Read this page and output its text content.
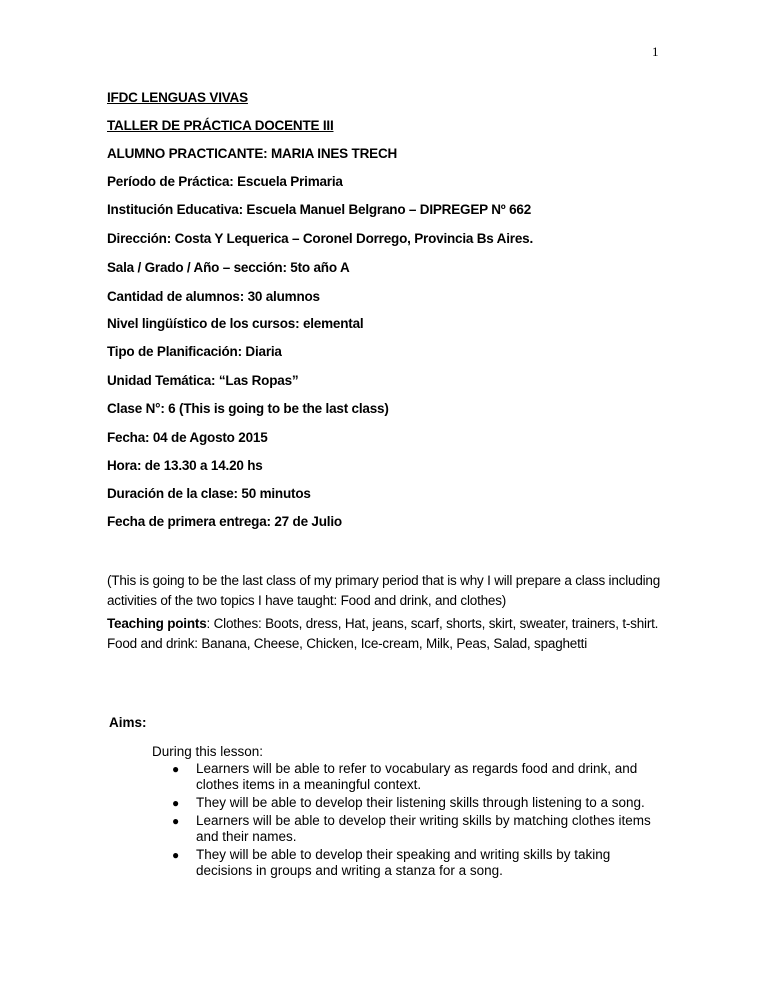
1
IFDC LENGUAS VIVAS
TALLER DE PRÁCTICA DOCENTE III
ALUMNO PRACTICANTE: MARIA INES TRECH
Período de Práctica: Escuela Primaria
Institución Educativa: Escuela Manuel Belgrano – DIPREGEP Nº 662
Dirección: Costa Y Lequerica – Coronel Dorrego, Provincia Bs Aires.
Sala / Grado / Año – sección: 5to año A
Cantidad de alumnos: 30 alumnos
Nivel lingüístico de los cursos: elemental
Tipo de Planificación: Diaria
Unidad Temática: “Las Ropas”
Clase N°: 6 (This is going to be the last class)
Fecha: 04 de Agosto 2015
Hora: de 13.30 a 14.20 hs
Duración de la clase: 50 minutos
Fecha de primera entrega: 27 de Julio
(This is going to be the last class of my primary period that is why I will prepare a class including activities of the two topics I have taught: Food and drink, and clothes)
Teaching points: Clothes: Boots, dress, Hat, jeans, scarf, shorts, skirt, sweater, trainers, t-shirt. Food and drink: Banana, Cheese, Chicken, Ice-cream, Milk, Peas, Salad, spaghetti
Aims:
During this lesson:
● Learners will be able to refer to vocabulary as regards food and drink, and clothes items in a meaningful context.
● They will be able to develop their listening skills through listening to a song.
● Learners will be able to develop their writing skills by matching clothes items and their names.
● They will be able to develop their speaking and writing skills by taking decisions in groups and writing a stanza for a song.
